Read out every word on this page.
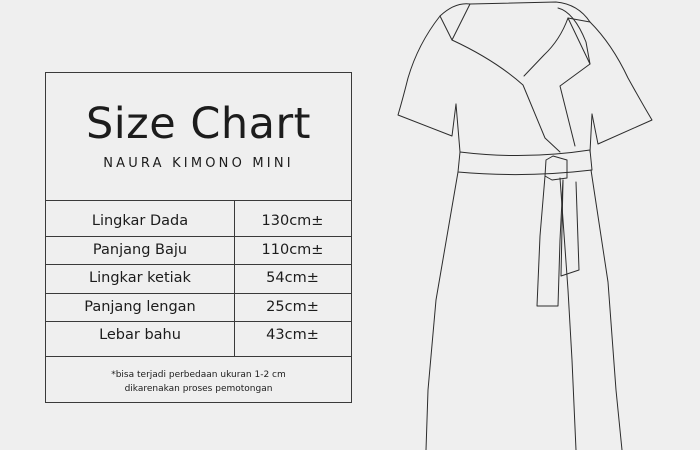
Lingkar Dada	130cm±
Panjang Baju	110cm±
Lingkar ketiak	54cm±
Panjang lengan	25cm±
Lebar bahu	43cm±
*bisa terjadi perbedaan ukuran 1-2 cm
dikarenakan proses pemotongan
Size Chart
NAURA KIMONO MINI
